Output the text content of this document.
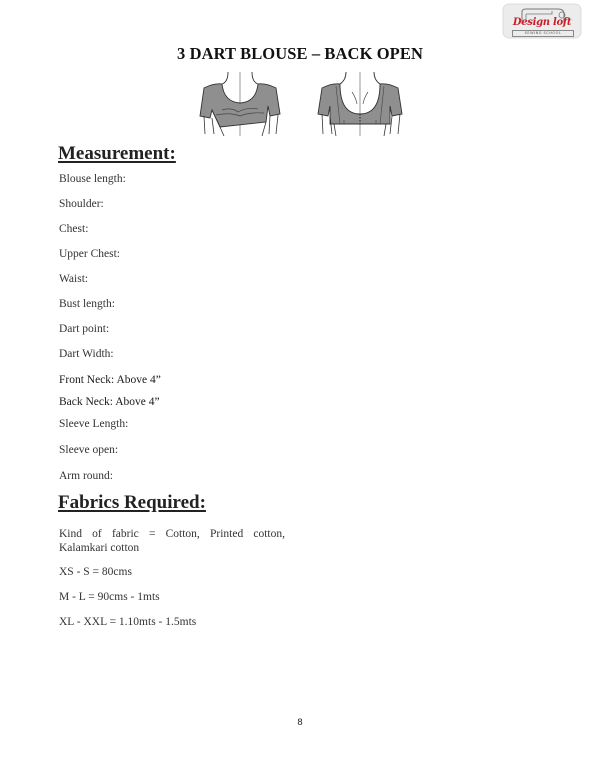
Design loft
SEWING SCHOOL
3 DART BLOUSE – BACK OPEN
Measurement:
Blouse length:
Shoulder:
Chest:
Upper Chest:
Waist:
Bust length:
Dart point:
Dart Width:
Front Neck: Above 4”
Back Neck: Above 4”
Sleeve Length:
Sleeve open:
Arm round:
Fabrics Required:
Kind of fabric = Cotton, Printed cotton, Kalamkari cotton
XS - S = 80cms
M - L = 90cms - 1mts
XL - XXL = 1.10mts - 1.5mts
8
